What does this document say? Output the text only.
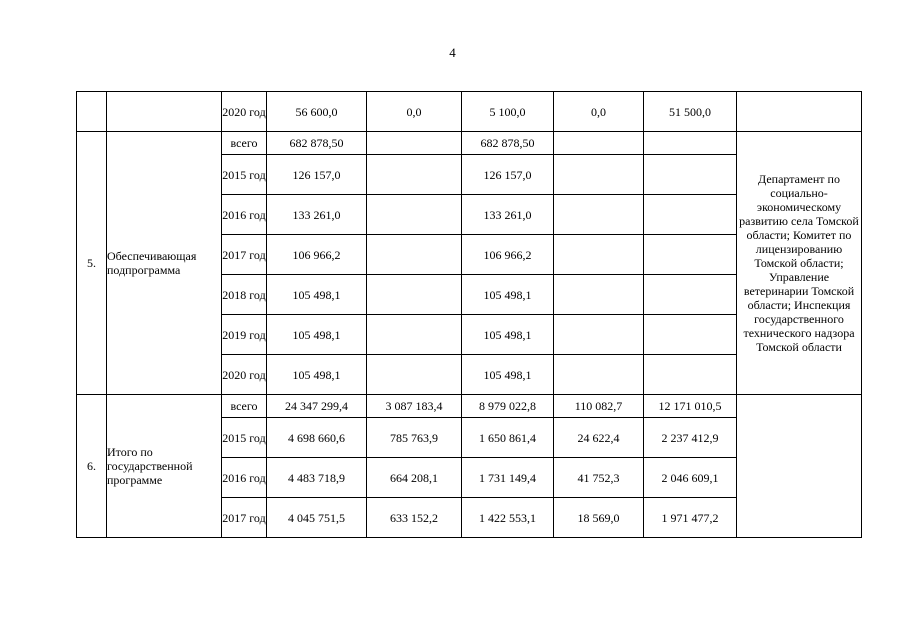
4
		2020 год	56 600,0	0,0	5 100,0	0,0	51 500,0	
5.	Обеспечивающая подпрограмма	всего	682 878,50		682 878,50			Департамент по социально-экономическому развитию села Томской области; Комитет по лицензированию Томской области; Управление ветеринарии Томской области; Инспекция государственного технического надзора Томской области
		2015 год	126 157,0		126 157,0			
		2016 год	133 261,0		133 261,0			
		2017 год	106 966,2		106 966,2			
		2018 год	105 498,1		105 498,1			
		2019 год	105 498,1		105 498,1			
		2020 год	105 498,1		105 498,1			
6.	Итого по государственной программе	всего	24 347 299,4	3 087 183,4	8 979 022,8	110 082,7	12 171 010,5	
		2015 год	4 698 660,6	785 763,9	1 650 861,4	24 622,4	2 237 412,9	
		2016 год	4 483 718,9	664 208,1	1 731 149,4	41 752,3	2 046 609,1	
		2017 год	4 045 751,5	633 152,2	1 422 553,1	18 569,0	1 971 477,2	
